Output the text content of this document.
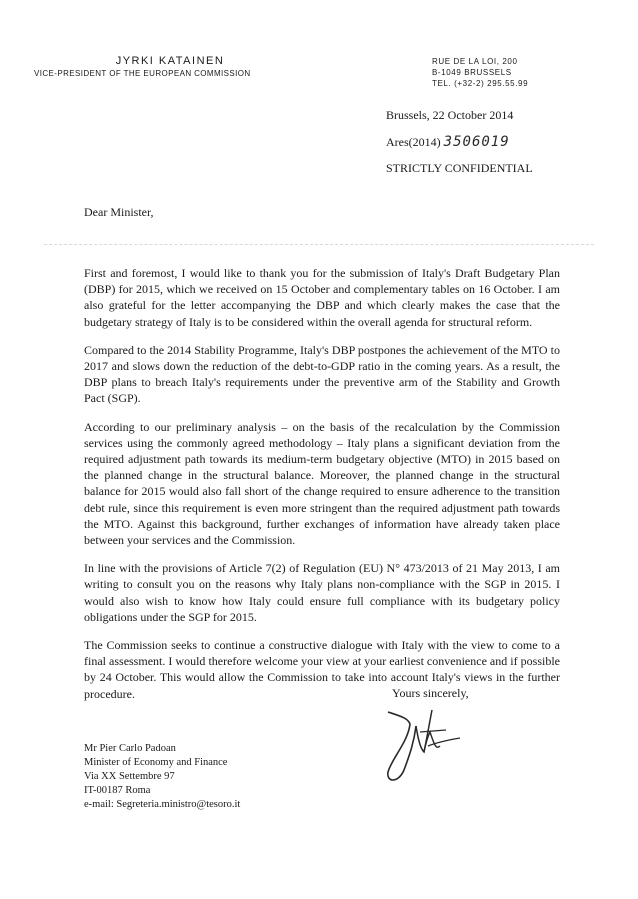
JYRKI KATAINEN
VICE-PRESIDENT OF THE EUROPEAN COMMISSION
RUE DE LA LOI, 200
B-1049 BRUSSELS
TEL. (+32-2) 295.55.99
Brussels, 22 October 2014
Ares(2014) 3506019
STRICTLY CONFIDENTIAL
Dear Minister,

First and foremost, I would like to thank you for the submission of Italy's Draft Budgetary Plan (DBP) for 2015, which we received on 15 October and complementary tables on 16 October. I am also grateful for the letter accompanying the DBP and which clearly makes the case that the budgetary strategy of Italy is to be considered within the overall agenda for structural reform.

Compared to the 2014 Stability Programme, Italy's DBP postpones the achievement of the MTO to 2017 and slows down the reduction of the debt-to-GDP ratio in the coming years. As a result, the DBP plans to breach Italy's requirements under the preventive arm of the Stability and Growth Pact (SGP).

According to our preliminary analysis – on the basis of the recalculation by the Commission services using the commonly agreed methodology – Italy plans a significant deviation from the required adjustment path towards its medium-term budgetary objective (MTO) in 2015 based on the planned change in the structural balance. Moreover, the planned change in the structural balance for 2015 would also fall short of the change required to ensure adherence to the transition debt rule, since this requirement is even more stringent than the required adjustment path towards the MTO. Against this background, further exchanges of information have already taken place between your services and the Commission.

In line with the provisions of Article 7(2) of Regulation (EU) N° 473/2013 of 21 May 2013, I am writing to consult you on the reasons why Italy plans non-compliance with the SGP in 2015. I would also wish to know how Italy could ensure full compliance with its budgetary policy obligations under the SGP for 2015.

The Commission seeks to continue a constructive dialogue with Italy with the view to come to a final assessment. I would therefore welcome your view at your earliest convenience and if possible by 24 October. This would allow the Commission to take into account Italy's views in the further procedure.	Yours sincerely,
Mr Pier Carlo Padoan
Minister of Economy and Finance
Via XX Settembre 97
IT-00187 Roma
e-mail: Segreteria.ministro@tesoro.it
